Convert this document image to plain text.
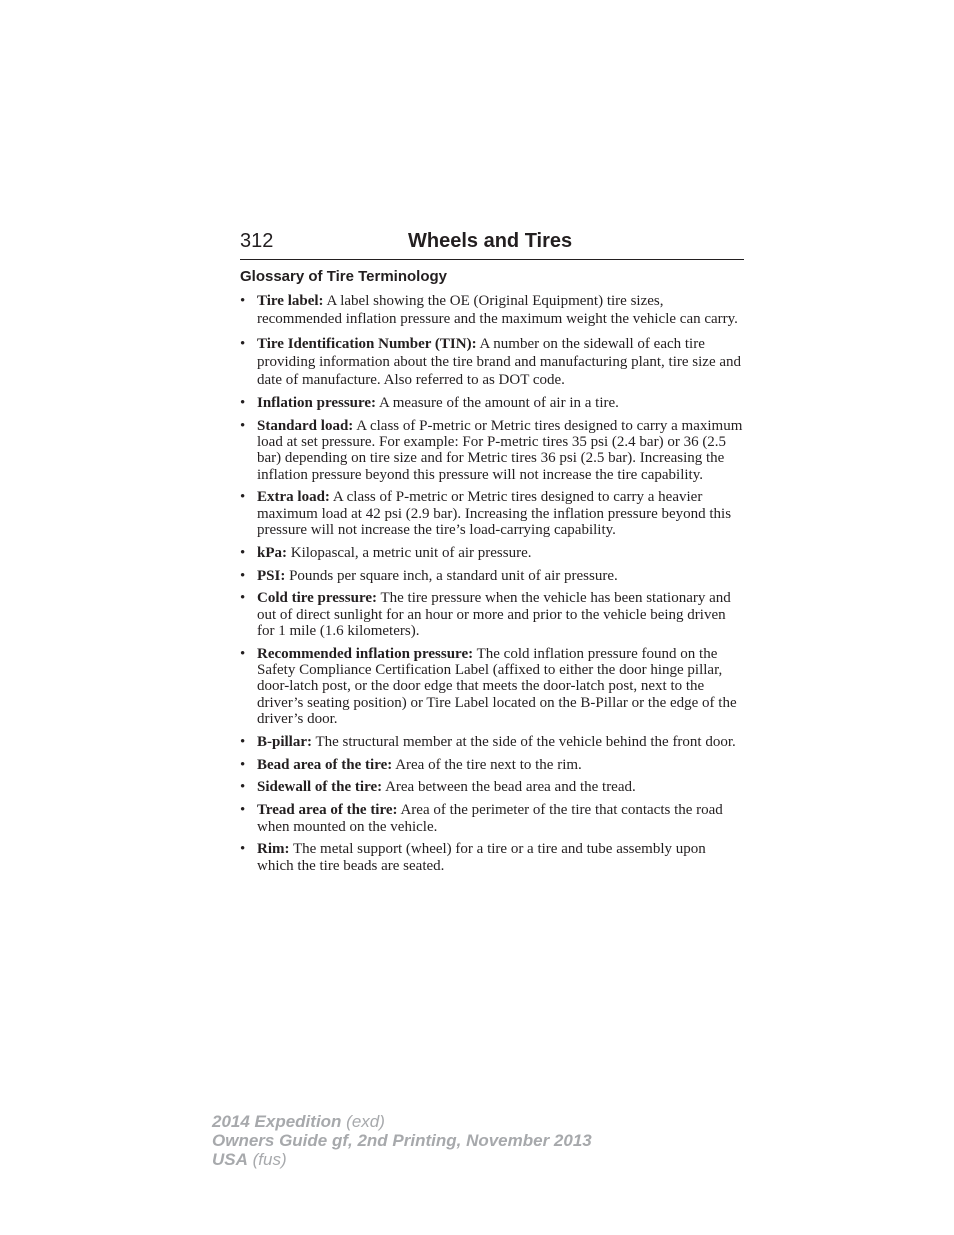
312	Wheels and Tires
Glossary of Tire Terminology
• Tire label: A label showing the OE (Original Equipment) tire sizes, recommended inflation pressure and the maximum weight the vehicle can carry.
• Tire Identification Number (TIN): A number on the sidewall of each tire providing information about the tire brand and manufacturing plant, tire size and date of manufacture. Also referred to as DOT code.
• Inflation pressure: A measure of the amount of air in a tire.
• Standard load: A class of P-metric or Metric tires designed to carry a maximum load at set pressure. For example: For P-metric tires 35 psi (2.4 bar) or 36 (2.5 bar) depending on tire size and for Metric tires 36 psi (2.5 bar). Increasing the inflation pressure beyond this pressure will not increase the tire capability.
• Extra load: A class of P-metric or Metric tires designed to carry a heavier maximum load at 42 psi (2.9 bar). Increasing the inflation pressure beyond this pressure will not increase the tire’s load-carrying capability.
• kPa: Kilopascal, a metric unit of air pressure.
• PSI: Pounds per square inch, a standard unit of air pressure.
• Cold tire pressure: The tire pressure when the vehicle has been stationary and out of direct sunlight for an hour or more and prior to the vehicle being driven for 1 mile (1.6 kilometers).
• Recommended inflation pressure: The cold inflation pressure found on the Safety Compliance Certification Label (affixed to either the door hinge pillar, door-latch post, or the door edge that meets the door-latch post, next to the driver’s seating position) or Tire Label located on the B-Pillar or the edge of the driver’s door.
• B-pillar: The structural member at the side of the vehicle behind the front door.
• Bead area of the tire: Area of the tire next to the rim.
• Sidewall of the tire: Area between the bead area and the tread.
• Tread area of the tire: Area of the perimeter of the tire that contacts the road when mounted on the vehicle.
• Rim: The metal support (wheel) for a tire or a tire and tube assembly upon which the tire beads are seated.
2014 Expedition (exd)
Owners Guide gf, 2nd Printing, November 2013
USA (fus)
